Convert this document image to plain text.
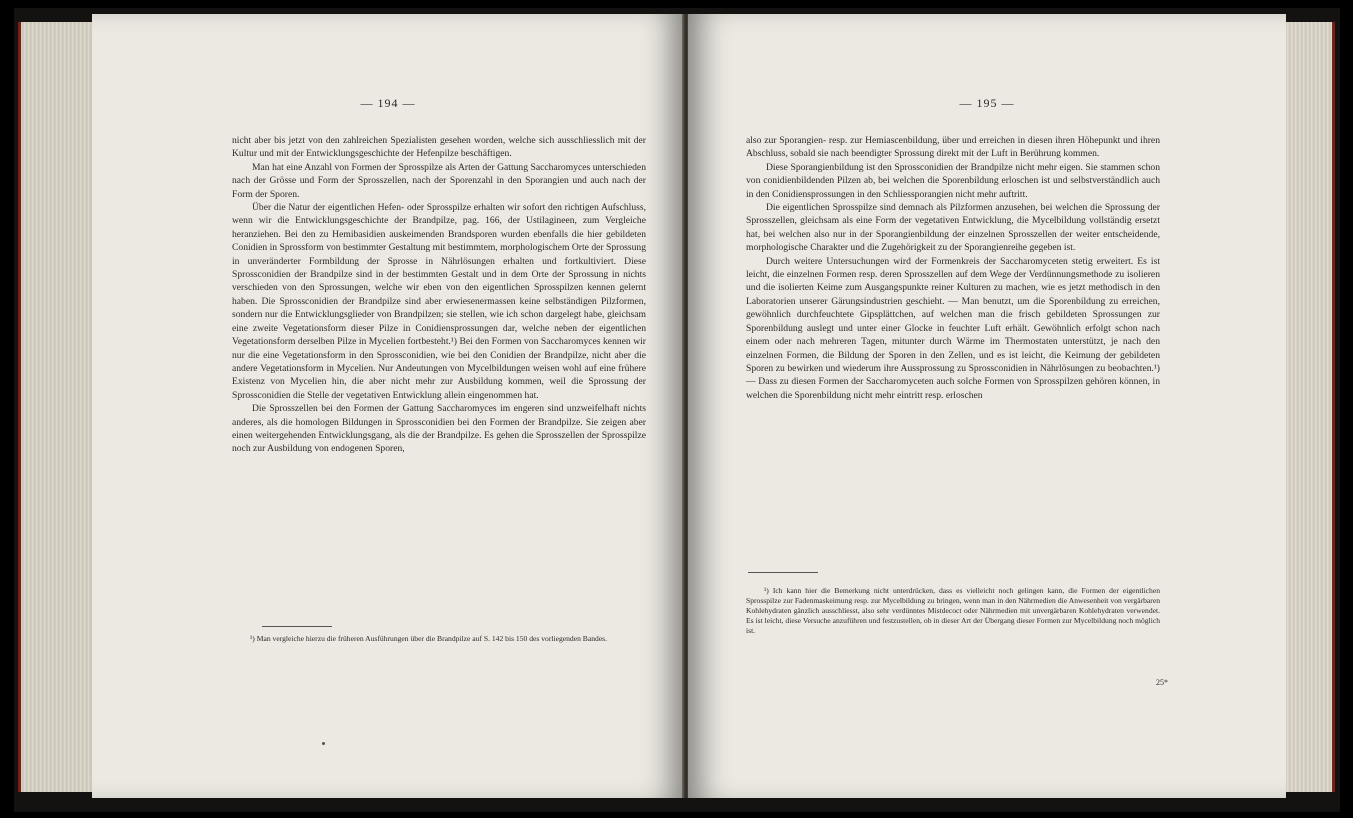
— 194 —

nicht aber bis jetzt von den zahlreichen Spezialisten gesehen worden, welche sich ausschliesslich mit der Kultur und mit der Entwicklungsgeschichte der Hefenpilze beschäftigen.

Man hat eine Anzahl von Formen der Sprosspilze als Arten der Gattung Saccharomyces unterschieden nach der Grösse und Form der Sprosszellen, nach der Sporenzahl in den Sporangien und auch nach der Form der Sporen.

Über die Natur der eigentlichen Hefen- oder Sprosspilze erhalten wir sofort den richtigen Aufschluss, wenn wir die Entwicklungsgeschichte der Brandpilze, pag. 166, der Ustilagineen, zum Vergleiche heranziehen. Bei den zu Hemibasidien auskeimenden Brandsporen wurden ebenfalls die hier gebildeten Conidien in Sprossform von bestimmter Gestaltung mit bestimmtem, morphologischem Orte der Sprossung in unveränderter Formbildung der Sprosse in Nährlösungen erhalten und fortkultiviert. Diese Sprossconidien der Brandpilze sind in der bestimmten Gestalt und in dem Orte der Sprossung in nichts verschieden von den Sprossungen, welche wir eben von den eigentlichen Sprosspilzen kennen gelernt haben. Die Sprossconidien der Brandpilze sind aber erwiesenermassen keine selbständigen Pilzformen, sondern nur die Entwicklungsglieder von Brandpilzen; sie stellen, wie ich schon dargelegt habe, gleichsam eine zweite Vegetationsform dieser Pilze in Conidiensprossungen dar, welche neben der eigentlichen Vegetationsform derselben Pilze in Mycelien fortbesteht.¹) Bei den Formen von Saccharomyces kennen wir nur die eine Vegetationsform in den Sprossconidien, wie bei den Conidien der Brandpilze, nicht aber die andere Vegetationsform in Mycelien. Nur Andeutungen von Mycelbildungen weisen wohl auf eine frühere Existenz von Mycelien hin, die aber nicht mehr zur Ausbildung kommen, weil die Sprossung der Sprossconidien die Stelle der vegetativen Entwicklung allein eingenommen hat.

Die Sprosszellen bei den Formen der Gattung Saccharomyces im engeren sind unzweifelhaft nichts anderes, als die homologen Bildungen in Sprossconidien bei den Formen der Brandpilze. Sie zeigen aber einen weitergehenden Entwicklungsgang, als die der Brandpilze. Es gehen die Sprosszellen der Sprosspilze noch zur Ausbildung von endogenen Sporen,

¹) Man vergleiche hierzu die früheren Ausführungen über die Brandpilze auf S. 142 bis 150 des vorliegenden Bandes.

— 195 —

also zur Sporangien- resp. zur Hemiascenbildung, über und erreichen in diesen ihren Höhepunkt und ihren Abschluss, sobald sie nach beendigter Sprossung direkt mit der Luft in Berührung kommen.

Diese Sporangienbildung ist den Sprossconidien der Brandpilze nicht mehr eigen. Sie stammen schon von conidienbildenden Pilzen ab, bei welchen die Sporenbildung erloschen ist und selbstverständlich auch in den Conidiensprossungen in den Schliessporangien nicht mehr auftritt.

Die eigentlichen Sprosspilze sind demnach als Pilzformen anzusehen, bei welchen die Sprossung der Sprosszellen, gleichsam als eine Form der vegetativen Entwicklung, die Mycelbildung vollständig ersetzt hat, bei welchen also nur in der Sporangienbildung der einzelnen Sprosszellen der weiter entscheidende, morphologische Charakter und die Zugehörigkeit zu der Sporangienreihe gegeben ist.

Durch weitere Untersuchungen wird der Formenkreis der Saccharomyceten stetig erweitert. Es ist leicht, die einzelnen Formen resp. deren Sprosszellen auf dem Wege der Verdünnungsmethode zu isolieren und die isolierten Keime zum Ausgangspunkte reiner Kulturen zu machen, wie es jetzt methodisch in den Laboratorien unserer Gärungsindustrien geschieht. — Man benutzt, um die Sporenbildung zu erreichen, gewöhnlich durchfeuchtete Gipsplättchen, auf welchen man die frisch gebildeten Sprossungen zur Sporenbildung auslegt und unter einer Glocke in feuchter Luft erhält. Gewöhnlich erfolgt schon nach einem oder nach mehreren Tagen, mitunter durch Wärme im Thermostaten unterstützt, je nach den einzelnen Formen, die Bildung der Sporen in den Zellen, und es ist leicht, die Keimung der gebildeten Sporen zu bewirken und wiederum ihre Aussprossung zu Sprossconidien in Nährlösungen zu beobachten.¹) — Dass zu diesen Formen der Saccharomyceten auch solche Formen von Sprosspilzen gehören können, in welchen die Sporenbildung nicht mehr eintritt resp. erloschen

¹) Ich kann hier die Bemerkung nicht unterdrücken, dass es vielleicht noch gelingen kann, die Formen der eigentlichen Sprosspilze zur Fadenmaskeimung resp. zur Mycelbildung zu bringen, wenn man in den Nährmedien die Anwesenheit von vergärbaren Kohlehydraten gänzlich ausschliesst, also sehr verdünntes Mistdecoct oder Nährmedien mit unvergärbaren Kohlehydraten verwendet. Es ist leicht, diese Versuche anzuführen und festzustellen, ob in dieser Art der Übergang dieser Formen zur Mycelbildung noch möglich ist.

25*
